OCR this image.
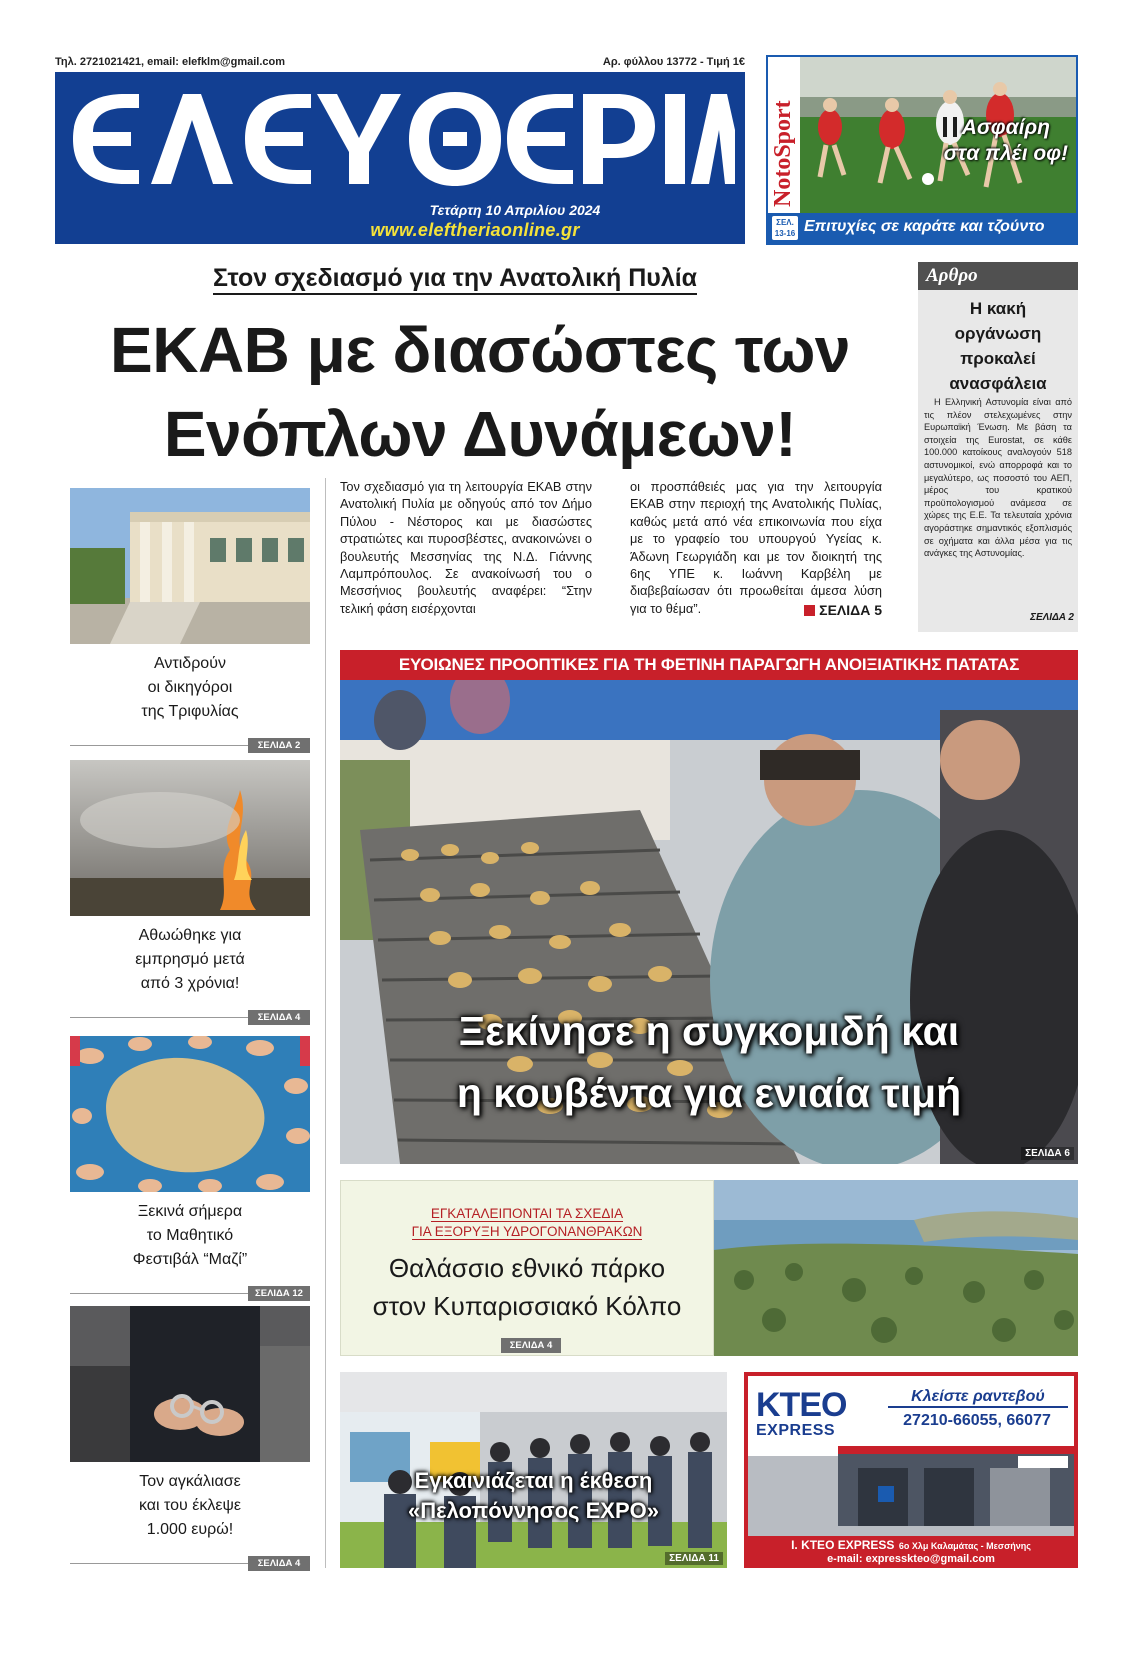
Τηλ. 2721021421, email: elefklm@gmail.com	Αρ. φύλλου 13772 - Τιμή 1€
Τετάρτη 10 Απριλίου 2024
www.eleftheriaonline.gr
NotoSport	Ασφαίρη
στα πλέι οφ!
ΣΕΛ.
13-16 Επιτυχίες σε καράτε και τζούντο
Στον σχεδιασμό για την Ανατολική Πυλία
ΕΚΑΒ με διασώστες των
Ενόπλων Δυνάμεων!
Τον σχεδιασμό για τη λειτουργία ΕΚΑΒ στην Ανατολική Πυλία με οδηγούς από τον Δήμο Πύλου - Νέστορος και με διασώστες στρατιώτες και πυροσβέστες, ανακοινώνει ο βουλευτής Μεσσηνίας της Ν.Δ. Γιάννης Λαμπρόπουλος. Σε ανακοίνωσή του ο Μεσσήνιος βουλευτής αναφέρει: “Στην τελική φάση εισέρχονται
οι προσπάθειές μας για την λειτουργία ΕΚΑΒ στην περιοχή της Ανατολικής Πυλίας, καθώς μετά από νέα επικοινωνία που είχα με το γραφείο του υπουργού Υγείας κ. Άδωνη Γεωργιάδη και με τον διοικητή της 6ης ΥΠΕ κ. Ιωάννη Καρβέλη με διαβεβαίωσαν ότι προωθείται άμεσα λύση για το θέμα”.	ΣΕΛΙΔΑ 5
Αρθρο
Η κακή
οργάνωση
προκαλεί
ανασφάλεια
Η Ελληνική Αστυνομία είναι από τις πλέον στελεχωμένες στην Ευρωπαϊκή Ένωση. Με βάση τα στοιχεία της Eurostat, σε κάθε 100.000 κατοίκους αναλογούν 518 αστυνομικοί, ενώ απορροφά και το μεγαλύτερο, ως ποσοστό του ΑΕΠ, μέρος του κρατικού προϋπολογισμού ανάμεσα σε χώρες της Ε.Ε. Τα τελευταία χρόνια αγοράστηκε σημαντικός εξοπλισμός σε οχήματα και άλλα μέσα για τις ανάγκες της Αστυνομίας.
ΣΕΛΙΔΑ 2
Αντιδρούν
οι δικηγόροι
της Τριφυλίας
ΣΕΛΙΔΑ 2
Αθωώθηκε για
εμπρησμό μετά
από 3 χρόνια!
ΣΕΛΙΔΑ 4
Ξεκινά σήμερα
το Μαθητικό
Φεστιβάλ “Μαζί”
ΣΕΛΙΔΑ 12
Τον αγκάλιασε
και του έκλεψε
1.000 ευρώ!
ΣΕΛΙΔΑ 4
ΕΥΟΙΩΝΕΣ ΠΡΟΟΠΤΙΚΕΣ ΓΙΑ ΤΗ ΦΕΤΙΝΗ ΠΑΡΑΓΩΓΗ ΑΝΟΙΞΙΑΤΙΚΗΣ ΠΑΤΑΤΑΣ
Ξεκίνησε η συγκομιδή και
η κουβέντα για ενιαία τιμή
ΣΕΛΙΔΑ 6
ΕΓΚΑΤΑΛΕΙΠΟΝΤΑΙ ΤΑ ΣΧΕΔΙΑ
ΓΙΑ ΕΞΟΡΥΞΗ ΥΔΡΟΓΟΝΑΝΘΡΑΚΩΝ
Θαλάσσιο εθνικό πάρκο
στον Κυπαρισσιακό Κόλπο
ΣΕΛΙΔΑ 4
Εγκαινιάζεται η έκθεση
«Πελοπόννησος EXPO»
ΣΕΛΙΔΑ 11
KTEO
EXPRESS
Κλείστε ραντεβού
27210-66055, 66077
I. KTEO EXPRESS 6ο Χλμ Καλαμάτας - Μεσσήνης
e-mail: expresskteo@gmail.com
